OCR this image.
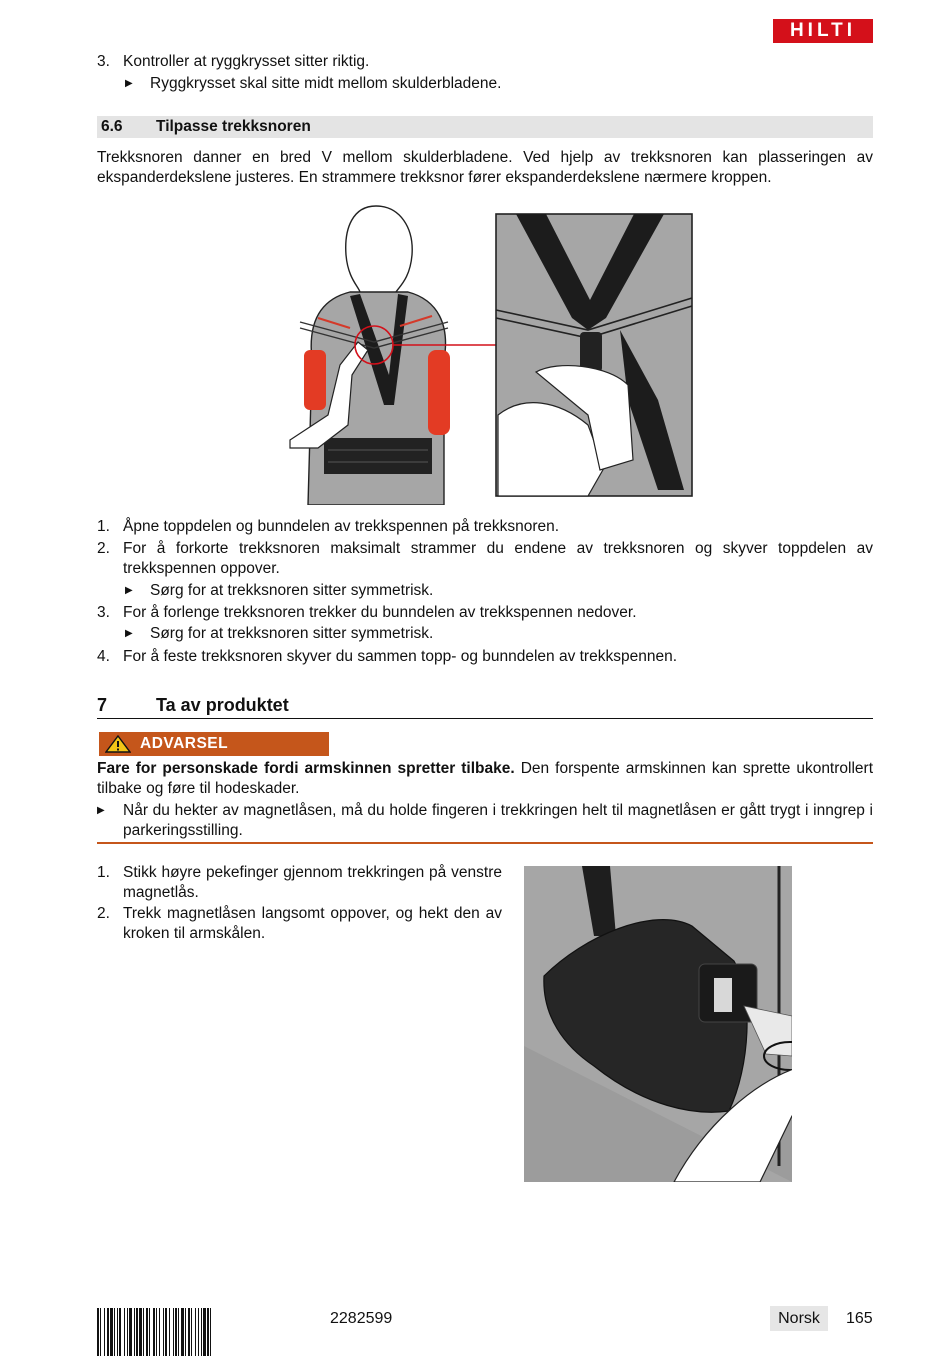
HILTI
3. Kontroller at ryggkrysset sitter riktig.
▶ Ryggkrysset skal sitte midt mellom skulderbladene.
6.6 Tilpasse trekksnoren
Trekksnoren danner en bred V mellom skulderbladene. Ved hjelp av trekksnoren kan plasseringen av ekspanderdekslene justeres. En strammere trekksnor fører ekspanderdekslene nærmere kroppen.
1. Åpne toppdelen og bunndelen av trekkspennen på trekksnoren.
2. For å forkorte trekksnoren maksimalt strammer du endene av trekksnoren og skyver toppdelen av trekkspennen oppover.
▶ Sørg for at trekksnoren sitter symmetrisk.
3. For å forlenge trekksnoren trekker du bunndelen av trekkspennen nedover.
▶ Sørg for at trekksnoren sitter symmetrisk.
4. For å feste trekksnoren skyver du sammen topp- og bunndelen av trekkspennen.
7	Ta av produktet
ADVARSEL
Fare for personskade fordi armskinnen spretter tilbake. Den forspente armskinnen kan sprette ukontrollert tilbake og føre til hodeskader.
▶ Når du hekter av magnetlåsen, må du holde fingeren i trekkringen helt til magnetlåsen er gått trygt i inngrep i parkeringsstilling.
1. Stikk høyre pekefinger gjennom trekkringen på venstre magnetlås.
2. Trekk magnetlåsen langsomt oppover, og hekt den av kroken til armskålen.
2282599	Norsk	165
